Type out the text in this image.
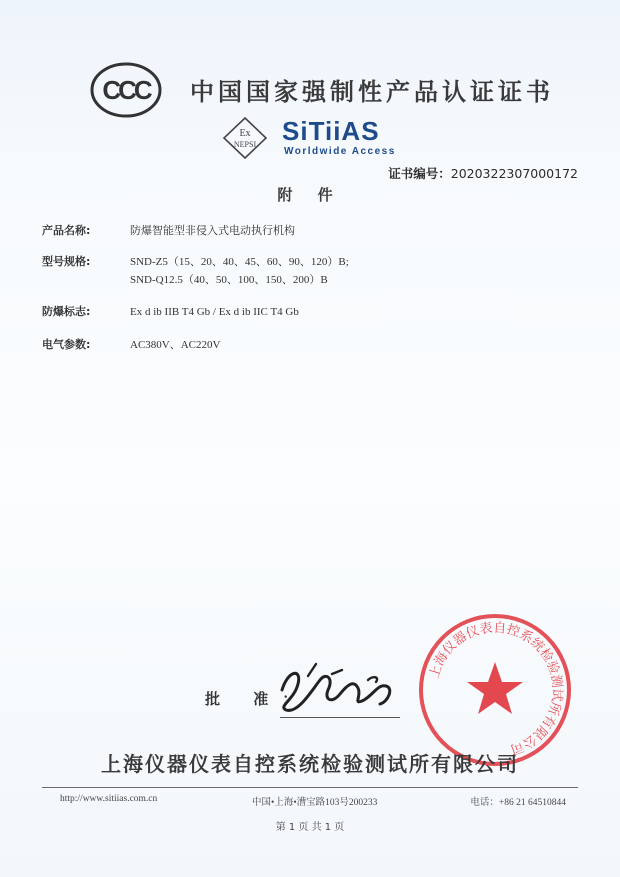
CCC 中国国家强制性产品认证证书
Ex
NEPSI SiTiiAS
Worldwide Access
证书编号：2020322307000172
附 件
产品名称:	防爆智能型非侵入式电动执行机构
型号规格:	SND-Z5（15、20、40、45、60、90、120）B;
SND-Q12.5（40、50、100、150、200）B
防爆标志:	Ex d ib IIB T4 Gb / Ex d ib IIC T4 Gb
电气参数:	AC380V、AC220V
批 准：
上海仪器仪表自控系统检验测试所有限公司
上海仪器仪表自控系统检验测试所有限公司
http://www.sitiias.com.cn	中国•上海•漕宝路103号200233	电话：+86 21 64510844
第 1 页 共 1 页
